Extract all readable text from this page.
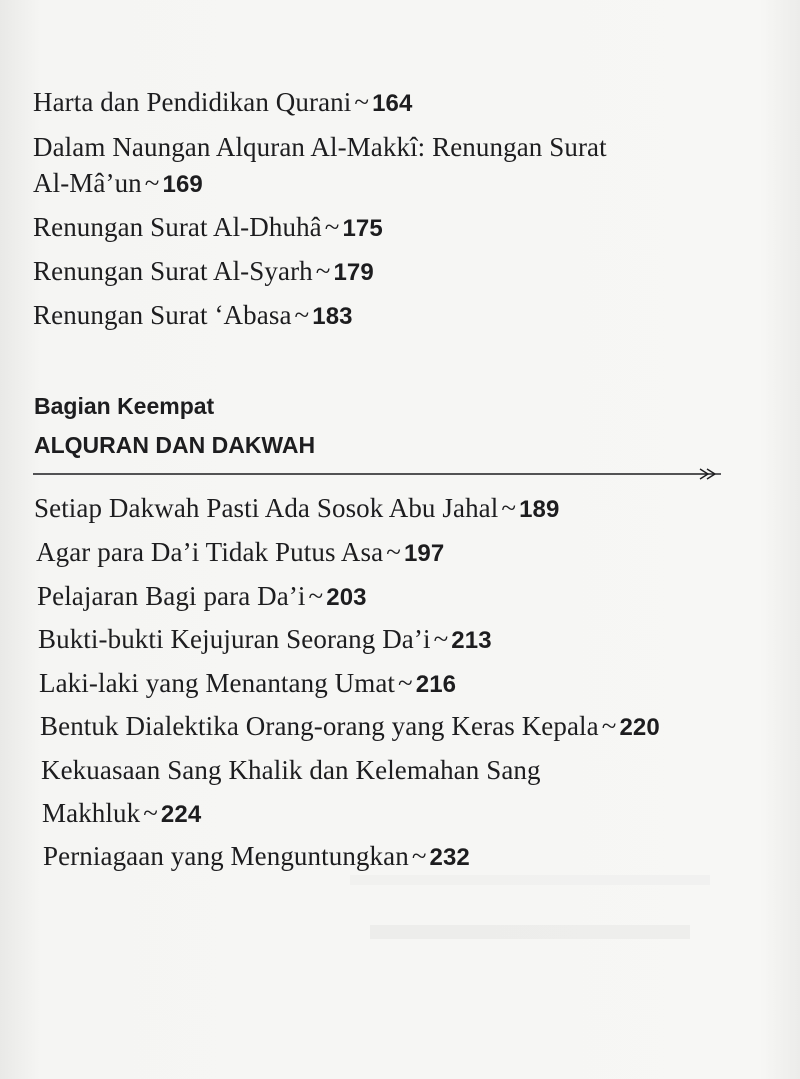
Harta dan Pendidikan Qurani ~ 164
Dalam Naungan Alquran Al-Makkî: Renungan Surat
Al-Mâ’un ~ 169
Renungan Surat Al-Dhuhâ ~ 175
Renungan Surat Al-Syarh ~ 179
Renungan Surat ‘Abasa ~ 183
Bagian Keempat
ALQURAN DAN DAKWAH
Setiap Dakwah Pasti Ada Sosok Abu Jahal ~ 189
Agar para Da’i Tidak Putus Asa ~ 197
Pelajaran Bagi para Da’i ~ 203
Bukti-bukti Kejujuran Seorang Da’i ~ 213
Laki-laki yang Menantang Umat ~ 216
Bentuk Dialektika Orang-orang yang Keras Kepala ~ 220
Kekuasaan Sang Khalik dan Kelemahan Sang
Makhluk ~ 224
Perniagaan yang Menguntungkan ~ 232
